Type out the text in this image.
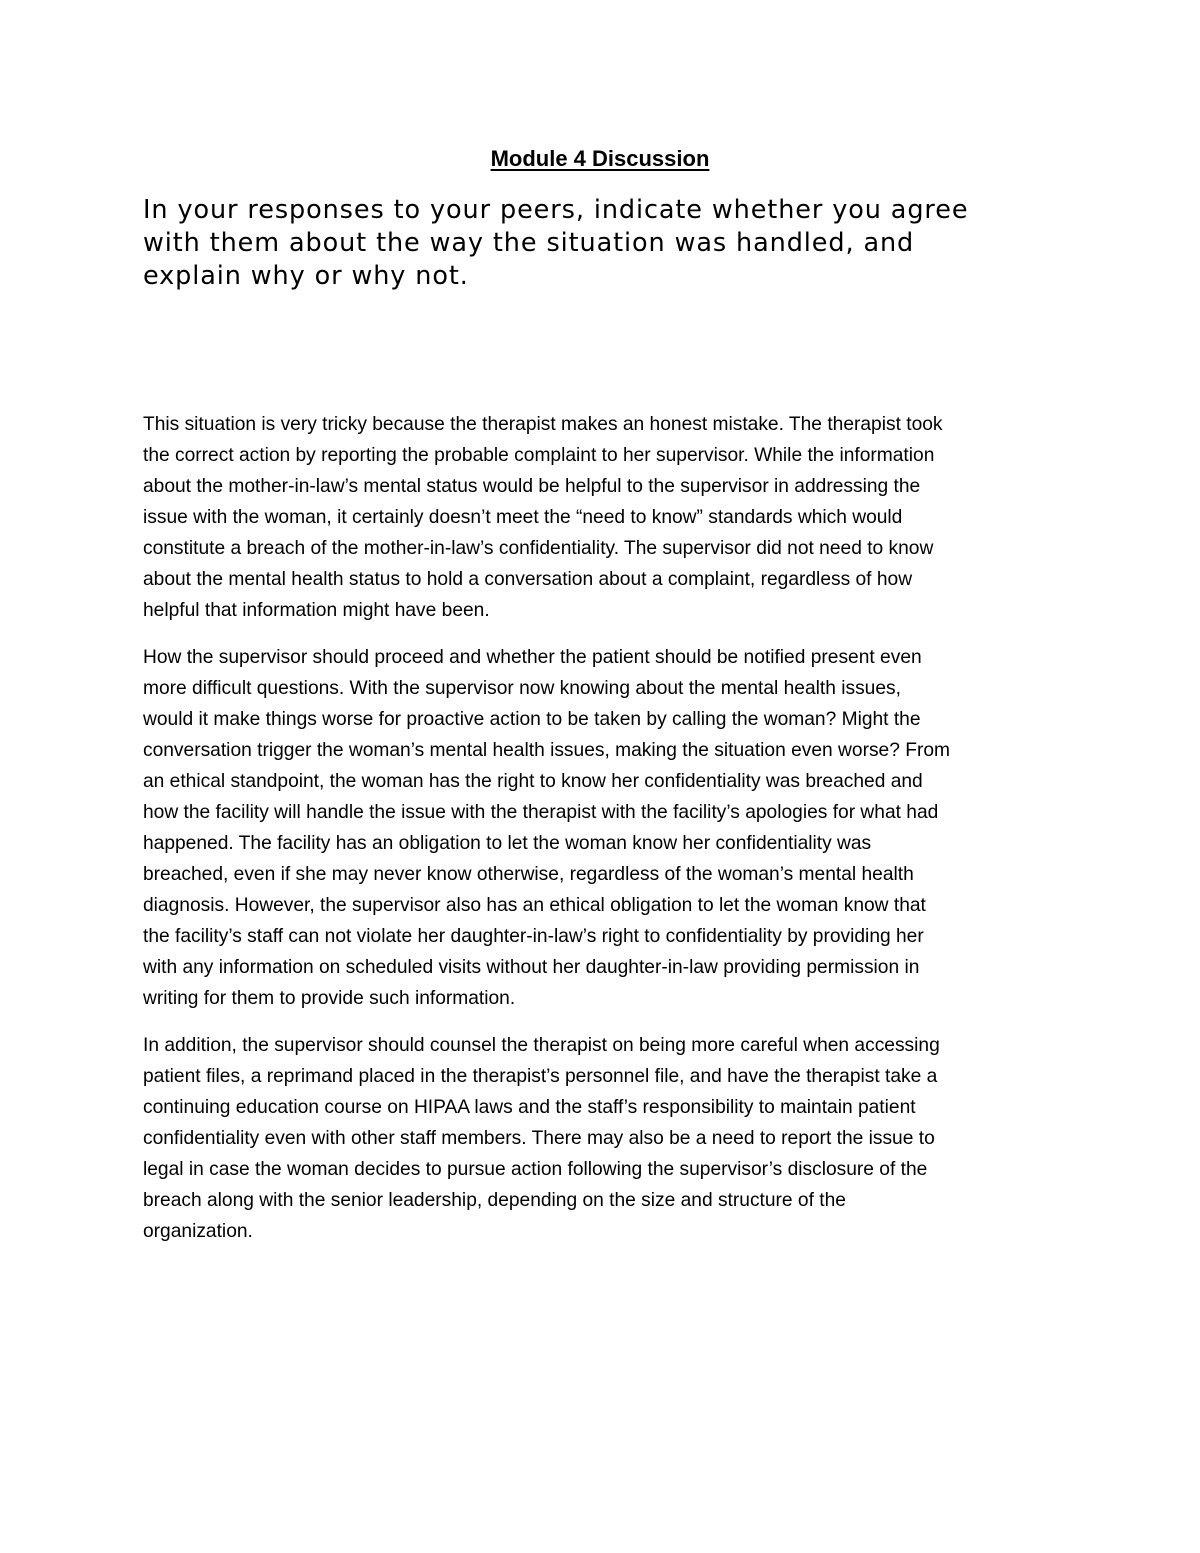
Module 4 Discussion
In your responses to your peers, indicate whether you agree
with them about the way the situation was handled, and
explain why or why not.

This situation is very tricky because the therapist makes an honest mistake. The therapist took
the correct action by reporting the probable complaint to her supervisor. While the information
about the mother-in-law’s mental status would be helpful to the supervisor in addressing the
issue with the woman, it certainly doesn’t meet the “need to know” standards which would
constitute a breach of the mother-in-law’s confidentiality. The supervisor did not need to know
about the mental health status to hold a conversation about a complaint, regardless of how
helpful that information might have been.

How the supervisor should proceed and whether the patient should be notified present even
more difficult questions. With the supervisor now knowing about the mental health issues,
would it make things worse for proactive action to be taken by calling the woman? Might the
conversation trigger the woman’s mental health issues, making the situation even worse? From
an ethical standpoint, the woman has the right to know her confidentiality was breached and
how the facility will handle the issue with the therapist with the facility’s apologies for what had
happened. The facility has an obligation to let the woman know her confidentiality was
breached, even if she may never know otherwise, regardless of the woman’s mental health
diagnosis. However, the supervisor also has an ethical obligation to let the woman know that
the facility’s staff can not violate her daughter-in-law’s right to confidentiality by providing her
with any information on scheduled visits without her daughter-in-law providing permission in
writing for them to provide such information.

In addition, the supervisor should counsel the therapist on being more careful when accessing
patient files, a reprimand placed in the therapist’s personnel file, and have the therapist take a
continuing education course on HIPAA laws and the staff’s responsibility to maintain patient
confidentiality even with other staff members. There may also be a need to report the issue to
legal in case the woman decides to pursue action following the supervisor’s disclosure of the
breach along with the senior leadership, depending on the size and structure of the
organization.
